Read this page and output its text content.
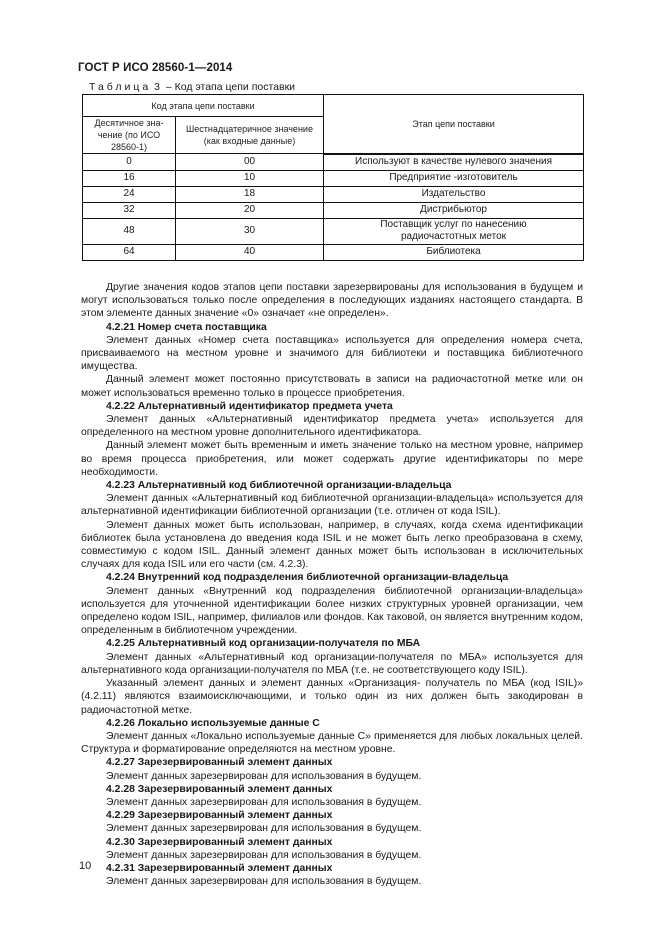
ГОСТ Р ИСО 28560-1—2014
Таблица 3 – Код этапа цепи поставки
Код этапа цепи поставки		Этап цепи поставки
Десятичное зна-чение (по ИСО 28560-1)	Шестнадцатеричное значение (как входные данные)	
0	00	Используют в качестве нулевого значения
16	10	Предприятие -изготовитель
24	18	Издательство
32	20	Дистрибьютор
48	30	Поставщик услуг по нанесению радиочастотных меток
64	40	Библиотека

Другие значения кодов этапов цепи поставки зарезервированы для использования в будущем и могут использоваться только после определения в последующих изданиях настоящего стандарта. В этом элементе данных значение «0» означает «не определен».

4.2.21 Номер счета поставщика

Элемент данных «Номер счета поставщика» используется для определения номера счета, присваиваемого на местном уровне и значимого для библиотеки и поставщика библиотечного имущества.

Данный элемент может постоянно присутствовать в записи на радиочастотной метке или он может использоваться временно только в процессе приобретения.

4.2.22 Альтернативный идентификатор предмета учета

Элемент данных «Альтернативный идентификатор предмета учета» используется для определенного на местном уровне дополнительного идентификатора.

Данный элемент может быть временным и иметь значение только на местном уровне, например во время процесса приобретения, или может содержать другие идентификаторы по мере необходимости.

4.2.23 Альтернативный код библиотечной организации-владельца

Элемент данных «Альтернативный код библиотечной организации-владельца» используется для альтернативной идентификации библиотечной организации (т.е. отличен от кода ISIL).

Элемент данных может быть использован, например, в случаях, когда схема идентификации библиотек была установлена до введения кода ISIL и не может быть легко преобразована в схему, совместимую с кодом ISIL. Данный элемент данных может быть использован в исключительных случаях для кода ISIL или его части (см. 4.2.3).

4.2.24 Внутренний код подразделения библиотечной организации-владельца

Элемент данных «Внутренний код подразделения библиотечной организации-владельца» используется для уточненной идентификации более низких структурных уровней организации, чем определено кодом ISIL, например, филиалов или фондов. Как таковой, он является внутренним кодом, определенным в библиотечном учреждении.

4.2.25 Альтернативный код организации-получателя по МБА

Элемент данных «Альтернативный код организации-получателя по МБА» используется для альтернативного кода организации-получателя по МБА (т.е. не соответствующего коду ISIL).

Указанный элемент данных и элемент данных «Организация- получатель по МБА (код ISIL)» (4.2.11) являются взаимоисключающими, и только один из них должен быть закодирован в радиочастотной метке.

4.2.26 Локально используемые данные С

Элемент данных «Локально используемые данные С» применяется для любых локальных целей. Структура и форматирование определяются на местном уровне.

4.2.27 Зарезервированный элемент данных

Элемент данных зарезервирован для использования в будущем.

4.2.28 Зарезервированный элемент данных

Элемент данных зарезервирован для использования в будущем.

4.2.29 Зарезервированный элемент данных

Элемент данных зарезервирован для использования в будущем.

4.2.30 Зарезервированный элемент данных

Элемент данных зарезервирован для использования в будущем.

4.2.31 Зарезервированный элемент данных

Элемент данных зарезервирован для использования в будущем.

10
